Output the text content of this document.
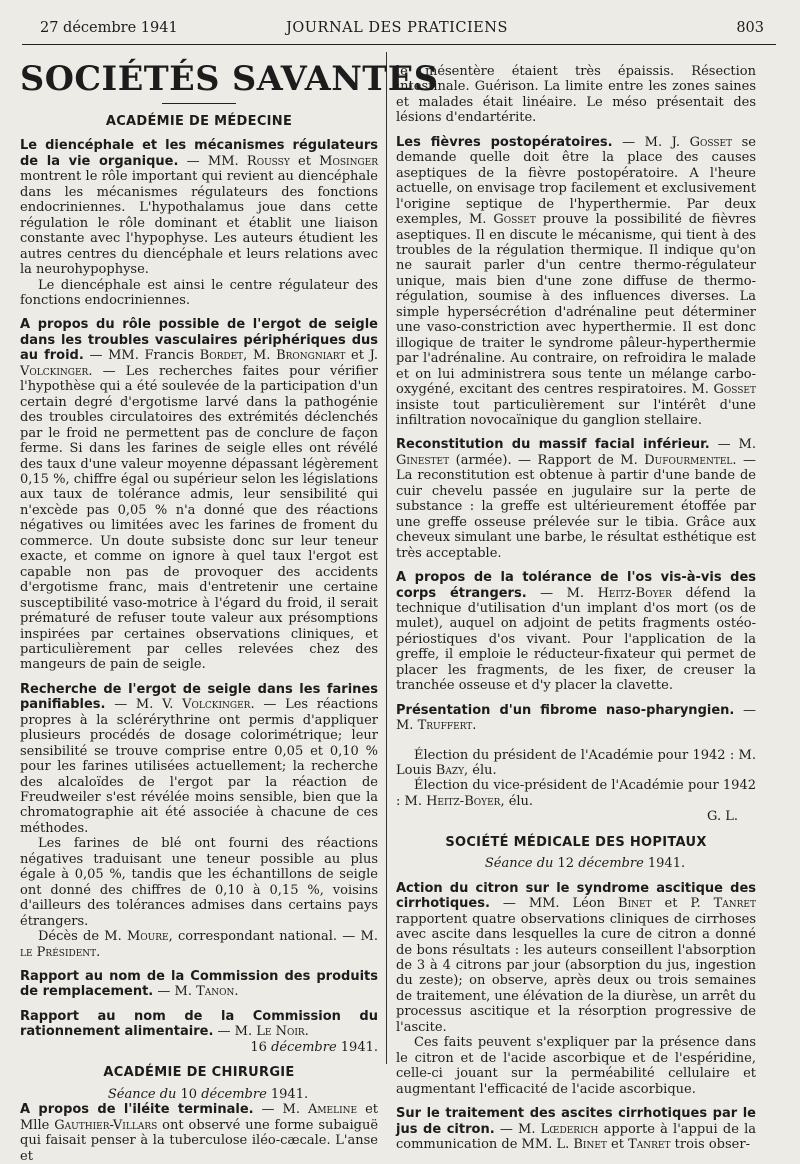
27 décembre 1941	JOURNAL DES PRATICIENS	803
SOCIÉTÉS SAVANTES
ACADÉMIE DE MÉDECINE

Le diencéphale et les mécanismes régulateurs de la vie organique. — MM. Roussy et Mosinger montrent le rôle important qui revient au diencéphale dans les mécanismes régulateurs des fonctions endocriniennes. L'hypothalamus joue dans cette régulation le rôle dominant et établit une liaison constante avec l'hypophyse. Les auteurs étudient les autres centres du diencéphale et leurs relations avec la neurohypophyse.

Le diencéphale est ainsi le centre régulateur des fonctions endocriniennes.

A propos du rôle possible de l'ergot de seigle dans les troubles vasculaires périphériques dus au froid. — MM. Francis Bordet, M. Brongniart et J. Volckinger. — Les recherches faites pour vérifier l'hypothèse qui a été soulevée de la participation d'un certain degré d'ergotisme larvé dans la pathogénie des troubles circulatoires des extrémités déclenchés par le froid ne permettent pas de conclure de façon ferme. Si dans les farines de seigle elles ont révélé des taux d'une valeur moyenne dépassant légèrement 0,15 %, chiffre égal ou supérieur selon les législations aux taux de tolérance admis, leur sensibilité qui n'excède pas 0,05 % n'a donné que des réactions négatives ou limitées avec les farines de froment du commerce. Un doute subsiste donc sur leur teneur exacte, et comme on ignore à quel taux l'ergot est capable non pas de provoquer des accidents d'ergotisme franc, mais d'entretenir une certaine susceptibilité vaso-motrice à l'égard du froid, il serait prématuré de refuser toute valeur aux présomptions inspirées par certaines observations cliniques, et particulièrement par celles relevées chez des mangeurs de pain de seigle.

Recherche de l'ergot de seigle dans les farines panifiables. — M. V. Volckinger. — Les réactions propres à la sclérérythrine ont permis d'appliquer plusieurs procédés de dosage colorimétrique; leur sensibilité se trouve comprise entre 0,05 et 0,10 % pour les farines utilisées actuellement; la recherche des alcaloïdes de l'ergot par la réaction de Freudweiler s'est révélée moins sensible, bien que la chromatographie ait été associée à chacune de ces méthodes.

Les farines de blé ont fourni des réactions négatives traduisant une teneur possible au plus égale à 0,05 %, tandis que les échantillons de seigle ont donné des chiffres de 0,10 à 0,15 %, voisins d'ailleurs des tolérances admises dans certains pays étrangers.

Décès de M. Moure, correspondant national. — M. le Président.

Rapport au nom de la Commission des produits de remplacement. — M. Tanon.

Rapport au nom de la Commission du rationnement alimentaire. — M. Le Noir.

16 décembre 1941.

ACADÉMIE DE CHIRURGIE

Séance du 10 décembre 1941.

A propos de l'iléite terminale. — M. Ameline et Mlle Gauthier-Villars ont observé une forme subaiguë qui faisait penser à la tuberculose iléo-cæcale. L'anse et

le mésentère étaient très épaissis. Résection intestinale. Guérison. La limite entre les zones saines et malades était linéaire. Le méso présentait des lésions d'endartérite.

Les fièvres postopératoires. — M. J. Gosset se demande quelle doit être la place des causes aseptiques de la fièvre postopératoire. A l'heure actuelle, on envisage trop facilement et exclusivement l'origine septique de l'hyperthermie. Par deux exemples, M. Gosset prouve la possibilité de fièvres aseptiques. Il en discute le mécanisme, qui tient à des troubles de la régulation thermique. Il indique qu'on ne saurait parler d'un centre thermo-régulateur unique, mais bien d'une zone diffuse de thermo-régulation, soumise à des influences diverses. La simple hypersécrétion d'adrénaline peut déterminer une vaso-constriction avec hyperthermie. Il est donc illogique de traiter le syndrome pâleur-hyperthermie par l'adrénaline. Au contraire, on refroidira le malade et on lui administrera sous tente un mélange carbo-oxygéné, excitant des centres respiratoires. M. Gosset insiste tout particulièrement sur l'intérêt d'une infiltration novocaïnique du ganglion stellaire.

Reconstitution du massif facial inférieur. — M. Ginestet (armée). — Rapport de M. Dufourmentel. — La reconstitution est obtenue à partir d'une bande de cuir chevelu passée en jugulaire sur la perte de substance : la greffe est ultérieurement étoffée par une greffe osseuse prélevée sur le tibia. Grâce aux cheveux simulant une barbe, le résultat esthétique est très acceptable.

A propos de la tolérance de l'os vis-à-vis des corps étrangers. — M. Heitz-Boyer défend la technique d'utilisation d'un implant d'os mort (os de mulet), auquel on adjoint de petits fragments ostéo-périostiques d'os vivant. Pour l'application de la greffe, il emploie le réducteur-fixateur qui permet de placer les fragments, de les fixer, de creuser la tranchée osseuse et d'y placer la clavette.

Présentation d'un fibrome naso-pharyngien. — M. Truffert.

Élection du président de l'Académie pour 1942 : M. Louis Bazy, élu.

Élection du vice-président de l'Académie pour 1942 : M. Heitz-Boyer, élu.

G. L.

SOCIÉTÉ MÉDICALE DES HOPITAUX

Séance du 12 décembre 1941.

Action du citron sur le syndrome ascitique des cirrhotiques. — MM. Léon Binet et P. Tanret rapportent quatre observations cliniques de cirrhoses avec ascite dans lesquelles la cure de citron a donné de bons résultats : les auteurs conseillent l'absorption de 3 à 4 citrons par jour (absorption du jus, ingestion du zeste); on observe, après deux ou trois semaines de traitement, une élévation de la diurèse, un arrêt du processus ascitique et la résorption progressive de l'ascite.

Ces faits peuvent s'expliquer par la présence dans le citron et de l'acide ascorbique et de l'espéridine, celle-ci jouant sur la perméabilité cellulaire et augmentant l'efficacité de l'acide ascorbique.

Sur le traitement des ascites cirrhotiques par le jus de citron. — M. Lœderich apporte à l'appui de la communication de MM. L. Binet et Tanret trois obser-
